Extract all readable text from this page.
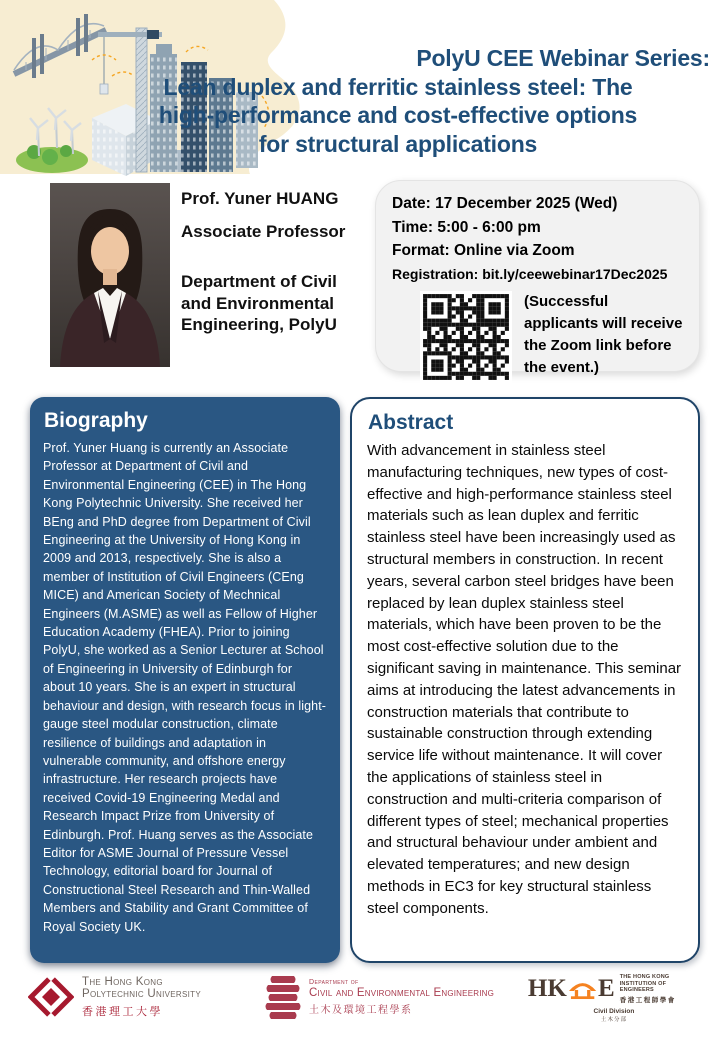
PolyU CEE Webinar Series:
Lean duplex and ferritic stainless steel: The
high-performance and cost-effective options
for structural applications
Prof. Yuner HUANG
Associate Professor
Department of Civil and Environmental Engineering, PolyU
Date: 17 December 2025 (Wed)
Time: 5:00 - 6:00 pm
Format: Online via Zoom
Registration: bit.ly/ceewebinar17Dec2025
(Successful applicants will receive the Zoom link before the event.)
Biography
Prof. Yuner Huang is currently an Associate Professor at Department of Civil and Environmental Engineering (CEE) in The Hong Kong Polytechnic University. She received her BEng and PhD degree from Department of Civil Engineering at the University of Hong Kong in 2009 and 2013, respectively. She is also a member of Institution of Civil Engineers (CEng MICE) and American Society of Mechnical Engineers (M.ASME) as well as Fellow of Higher Education Academy (FHEA). Prior to joining PolyU, she worked as a Senior Lecturer at School of Engineering in University of Edinburgh for about 10 years. She is an expert in structural behaviour and design, with research focus in light-gauge steel modular construction, climate resilience of buildings and adaptation in vulnerable community, and offshore energy infrastructure. Her research projects have received Covid-19 Engineering Medal and Research Impact Prize from University of Edinburgh. Prof. Huang serves as the Associate Editor for ASME Journal of Pressure Vessel Technology, editorial board for Journal of Constructional Steel Research and Thin-Walled Members and Stability and Grant Committee of Royal Society UK.
Abstract
With advancement in stainless steel manufacturing techniques, new types of cost-effective and high-performance stainless steel materials such as lean duplex and ferritic stainless steel have been increasingly used as structural members in construction. In recent years, several carbon steel bridges have been replaced by lean duplex stainless steel materials, which have been proven to be the most cost-effective solution due to the significant saving in maintenance. This seminar aims at introducing the latest advancements in construction materials that contribute to sustainable construction through extending service life without maintenance. It will cover the applications of stainless steel in construction and multi-criteria comparison of different types of steel; mechanical properties and structural behaviour under ambient and elevated temperatures; and new design methods in EC3 for key structural stainless steel components.
The Hong Kong
Polytechnic University
香港理工大學
Department of
Civil and Environmental Engineering
土木及環境工程學系
HK E THE HONG KONG
INSTITUTION OF ENGINEERS
香港工程師學會
Civil Division
土木分部
